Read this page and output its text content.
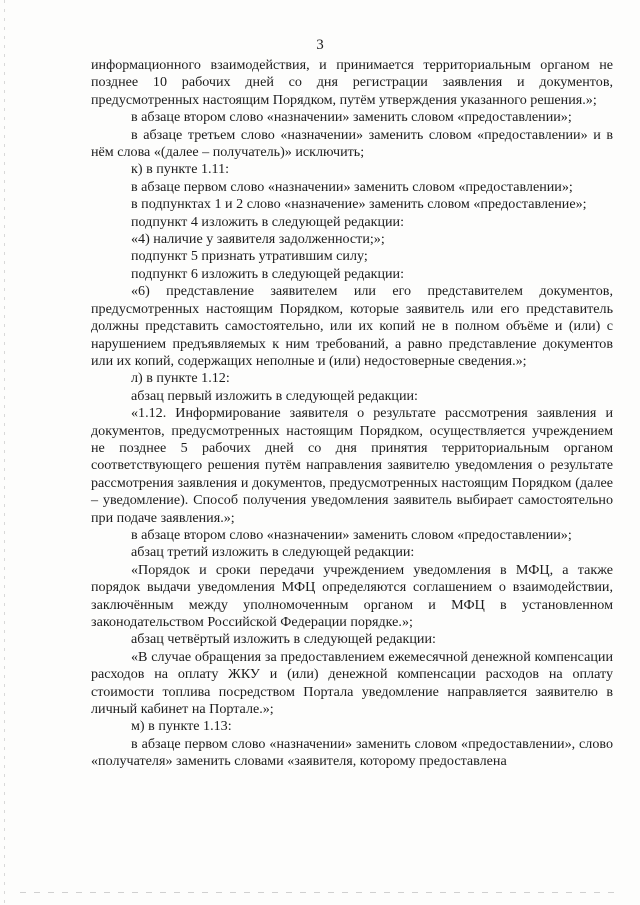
3

информационного взаимодействия, и принимается территориальным органом не позднее 10 рабочих дней со дня регистрации заявления и документов, предусмотренных настоящим Порядком, путём утверждения указанного решения.»;

в абзаце втором слово «назначении» заменить словом «предоставлении»;

в абзаце третьем слово «назначении» заменить словом «предоставлении» и в нём слова «(далее – получатель)» исключить;

к) в пункте 1.11:

в абзаце первом слово «назначении» заменить словом «предоставлении»;

в подпунктах 1 и 2 слово «назначение» заменить словом «предоставление»;

подпункт 4 изложить в следующей редакции:

«4) наличие у заявителя задолженности;»;

подпункт 5 признать утратившим силу;

подпункт 6 изложить в следующей редакции:

«6) представление заявителем или его представителем документов, предусмотренных настоящим Порядком, которые заявитель или его представитель должны представить самостоятельно, или их копий не в полном объёме и (или) с нарушением предъявляемых к ним требований, а равно представление документов или их копий, содержащих неполные и (или) недостоверные сведения.»;

л) в пункте 1.12:

абзац первый изложить в следующей редакции:

«1.12. Информирование заявителя о результате рассмотрения заявления и документов, предусмотренных настоящим Порядком, осуществляется учреждением не позднее 5 рабочих дней со дня принятия территориальным органом соответствующего решения путём направления заявителю уведомления о результате рассмотрения заявления и документов, предусмотренных настоящим Порядком (далее – уведомление). Способ получения уведомления заявитель выбирает самостоятельно при подаче заявления.»;

в абзаце втором слово «назначении» заменить словом «предоставлении»;

абзац третий изложить в следующей редакции:

«Порядок и сроки передачи учреждением уведомления в МФЦ, а также порядок выдачи уведомления МФЦ определяются соглашением о взаимодействии, заключённым между уполномоченным органом и МФЦ в установленном законодательством Российской Федерации порядке.»;

абзац четвёртый изложить в следующей редакции:

«В случае обращения за предоставлением ежемесячной денежной компенсации расходов на оплату ЖКУ и (или) денежной компенсации расходов на оплату стоимости топлива посредством Портала уведомление направляется заявителю в личный кабинет на Портале.»;

м) в пункте 1.13:

в абзаце первом слово «назначении» заменить словом «предоставлении», слово «получателя» заменить словами «заявителя, которому предоставлена
